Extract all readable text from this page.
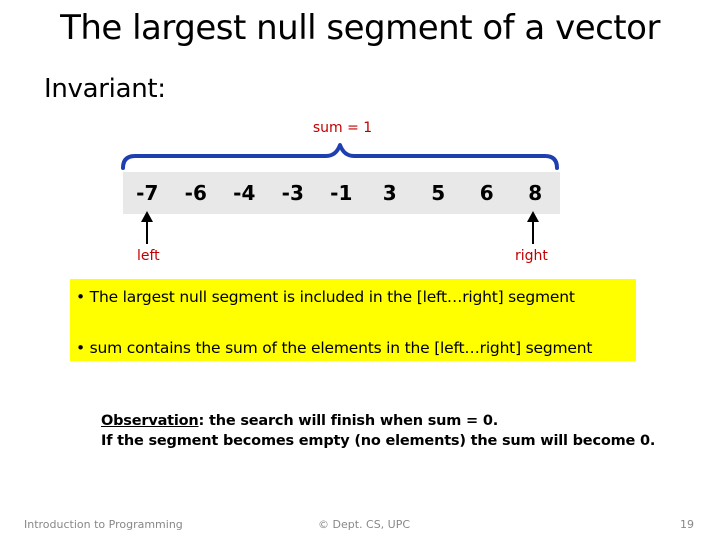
The largest null segment of a vector
Invariant:
sum = 1
-7	-6	-4	-3	-1	3	5	6	8
left	right
• The largest null segment is included in the [left…right] segment
• sum contains the sum of the elements in the [left…right] segment
Observation: the search will finish when sum = 0.
If the segment becomes empty (no elements) the sum will become 0.
Introduction to Programming	© Dept. CS, UPC	19
